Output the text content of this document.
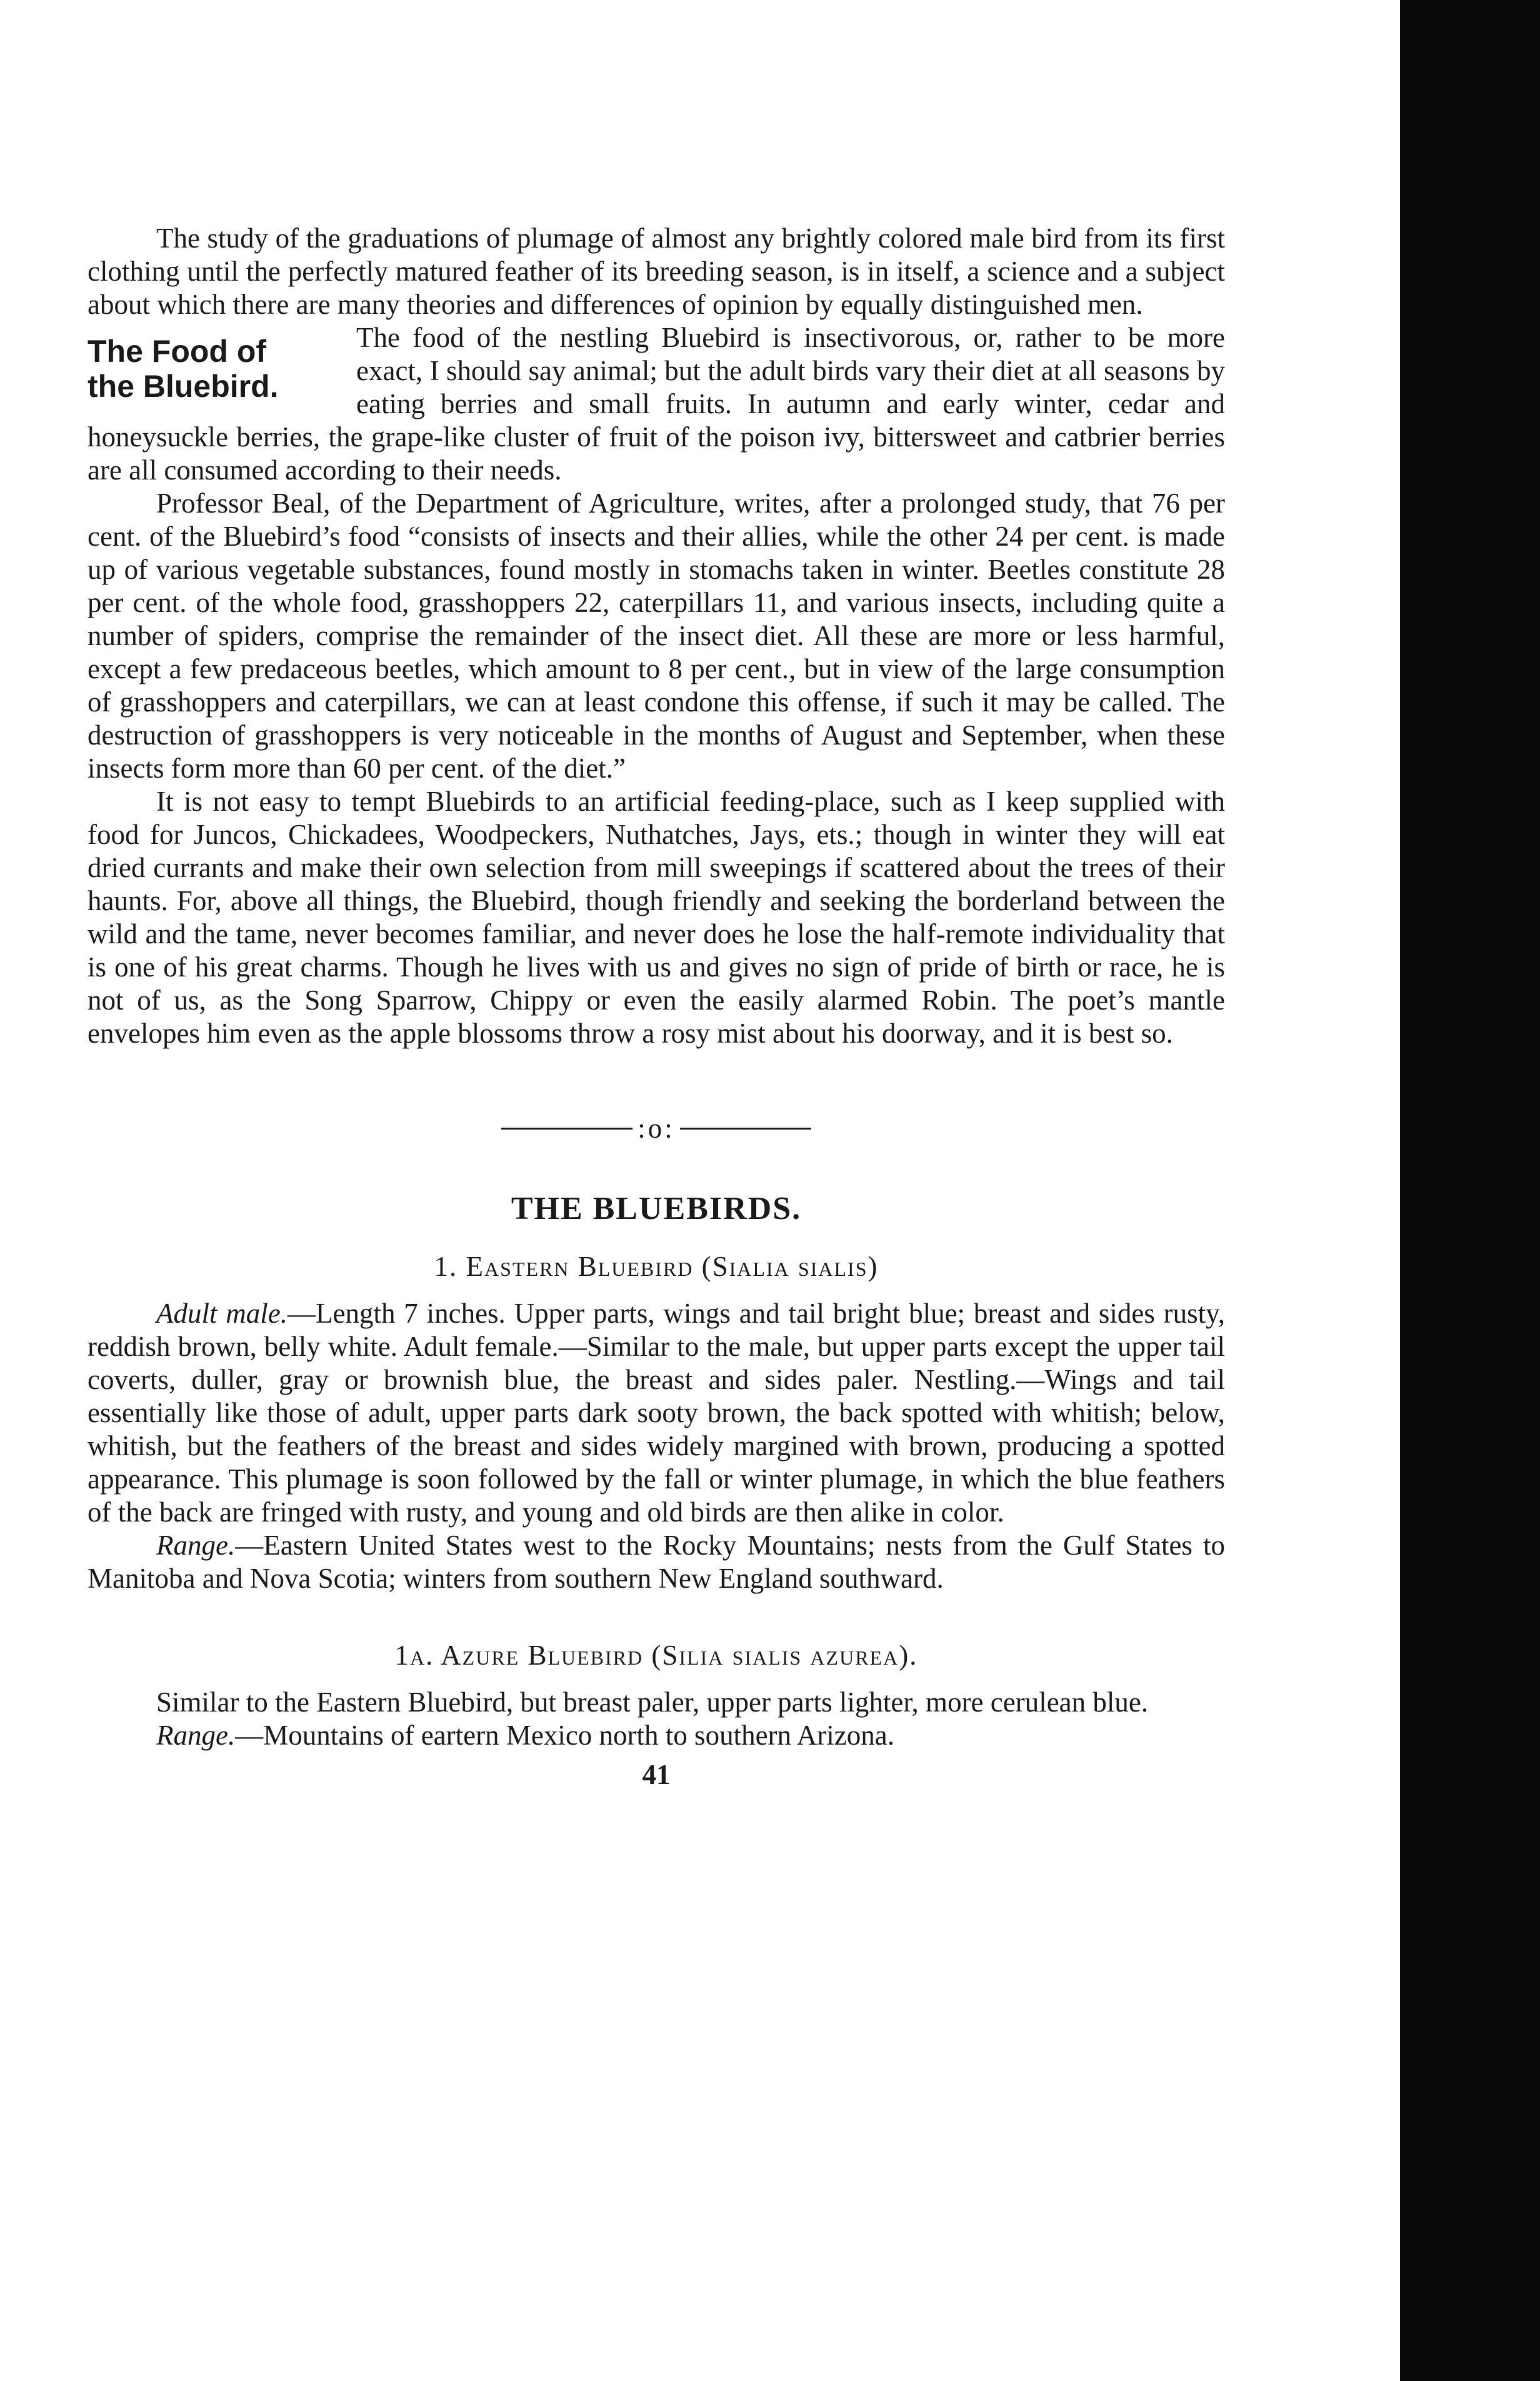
The study of the graduations of plumage of almost any brightly colored male bird from its first clothing until the perfectly matured feather of its breeding season, is in itself, a science and a subject about which there are many theories and differences of opinion by equally distinguished men.

The Food of
the Bluebird.

The food of the nestling Bluebird is insectivorous, or, rather to be more exact, I should say animal; but the adult birds vary their diet at all seasons by eating berries and small fruits. In autumn and early winter, cedar and honeysuckle berries, the grape-like cluster of fruit of the poison ivy, bittersweet and catbrier berries are all consumed according to their needs.

Professor Beal, of the Department of Agriculture, writes, after a prolonged study, that 76 per cent. of the Bluebird’s food “consists of insects and their allies, while the other 24 per cent. is made up of various vegetable substances, found mostly in stomachs taken in winter. Beetles constitute 28 per cent. of the whole food, grasshoppers 22, caterpillars 11, and various insects, including quite a number of spiders, comprise the remainder of the insect diet. All these are more or less harmful, except a few predaceous beetles, which amount to 8 per cent., but in view of the large consumption of grasshoppers and caterpillars, we can at least condone this offense, if such it may be called. The destruction of grasshoppers is very noticeable in the months of August and September, when these insects form more than 60 per cent. of the diet.”

It is not easy to tempt Bluebirds to an artificial feeding-place, such as I keep supplied with food for Juncos, Chickadees, Woodpeckers, Nuthatches, Jays, ets.; though in winter they will eat dried currants and make their own selection from mill sweepings if scattered about the trees of their haunts. For, above all things, the Bluebird, though friendly and seeking the borderland between the wild and the tame, never becomes familiar, and never does he lose the half-remote individuality that is one of his great charms. Though he lives with us and gives no sign of pride of birth or race, he is not of us, as the Song Sparrow, Chippy or even the easily alarmed Robin. The poet’s mantle envelopes him even as the apple blossoms throw a rosy mist about his doorway, and it is best so.

:o:
THE BLUEBIRDS.

1. Eastern Bluebird (Sialia sialis)

Adult male.—Length 7 inches. Upper parts, wings and tail bright blue; breast and sides rusty, reddish brown, belly white. Adult female.—Similar to the male, but upper parts except the upper tail coverts, duller, gray or brownish blue, the breast and sides paler. Nestling.—Wings and tail essentially like those of adult, upper parts dark sooty brown, the back spotted with whitish; below, whitish, but the feathers of the breast and sides widely margined with brown, producing a spotted appearance. This plumage is soon followed by the fall or winter plumage, in which the blue feathers of the back are fringed with rusty, and young and old birds are then alike in color.

Range.—Eastern United States west to the Rocky Mountains; nests from the Gulf States to Manitoba and Nova Scotia; winters from southern New England southward.

1a. Azure Bluebird (Silia sialis azurea).

Similar to the Eastern Bluebird, but breast paler, upper parts lighter, more cerulean blue.

Range.—Mountains of eartern Mexico north to southern Arizona.

41
